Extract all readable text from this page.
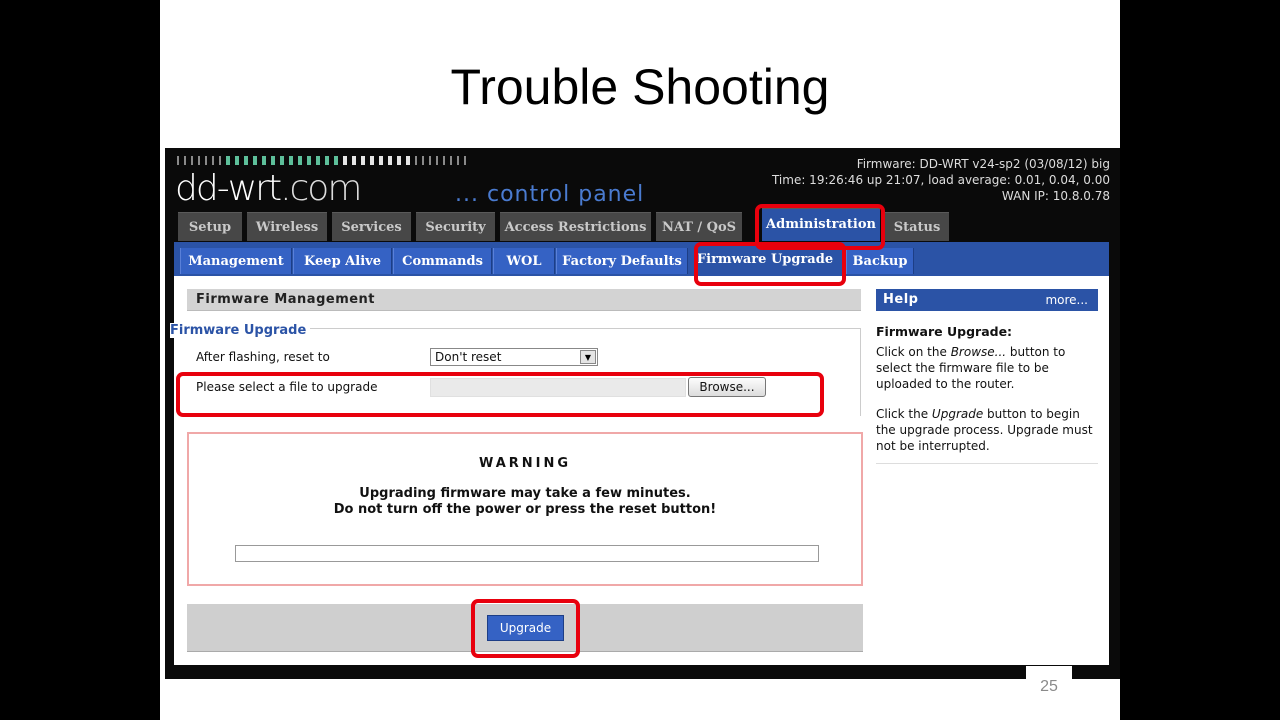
Trouble Shooting
dd-wrt.com	... control panel
Firmware: DD-WRT v24-sp2 (03/08/12) big
Time: 19:26:46 up 21:07, load average: 0.01, 0.04, 0.00
WAN IP: 10.8.0.78
Setup	Wireless	Services	Security	Access Restrictions	NAT / QoS	Administration	Status
Management	Keep Alive	Commands	WOL	Factory Defaults	Firmware Upgrade	Backup
Firmware Management
Firmware Upgrade
After flashing, reset to	Don't reset	▼
Please select a file to upgrade	Browse...
WARNING
Upgrading firmware may take a few minutes.
Do not turn off the power or press the reset button!
Upgrade
Help	more...
Firmware Upgrade:

Click on the Browse... button to select the firmware file to be uploaded to the router.

Click the Upgrade button to begin the upgrade process. Upgrade must not be interrupted.

25
